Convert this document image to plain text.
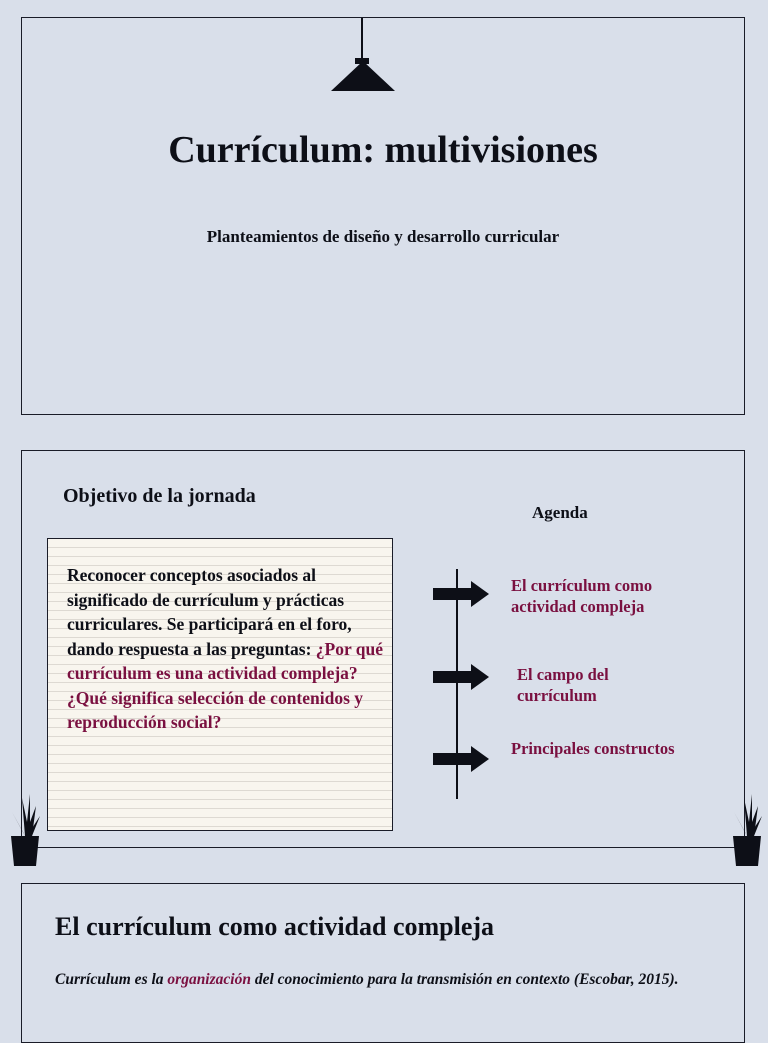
Currículum: multivisiones
Planteamientos de diseño y desarrollo curricular
Objetivo de la jornada
Agenda
Reconocer conceptos asociados al significado de currículum y prácticas curriculares. Se participará en el foro, dando respuesta a las preguntas: ¿Por qué currículum es una actividad compleja? ¿Qué significa selección de contenidos y reproducción social?
El currículum como
actividad compleja
El campo del
currículum
Principales constructos
El currículum como actividad compleja
Currículum es la organización del conocimiento para la transmisión en contexto (Escobar, 2015).
